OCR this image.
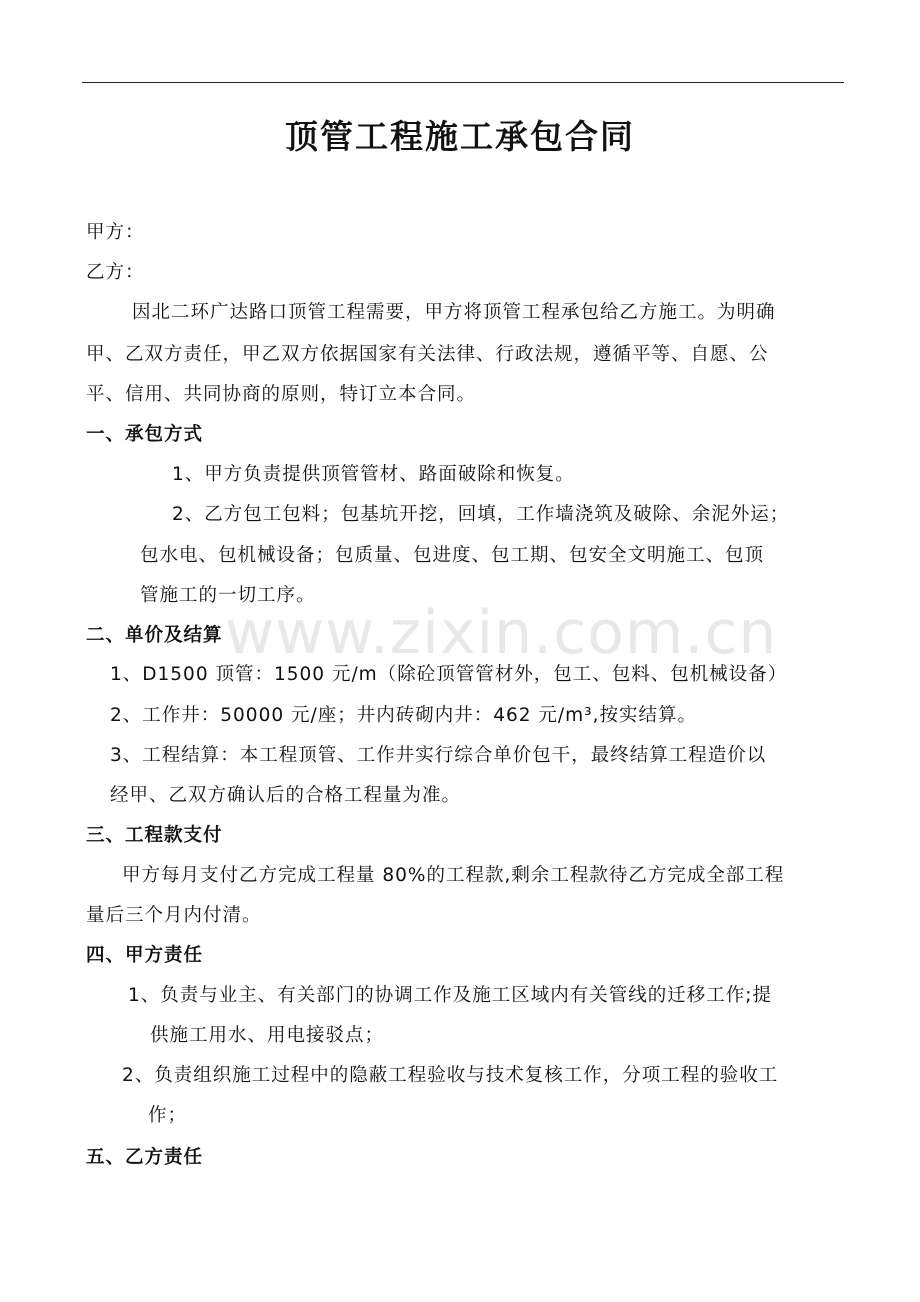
顶管工程施工承包合同
甲方：
乙方：
因北二环广达路口顶管工程需要，甲方将顶管工程承包给乙方施工。为明确
甲、乙双方责任，甲乙双方依据国家有关法律、行政法规，遵循平等、自愿、公
平、信用、共同协商的原则，特订立本合同。
一、承包方式
1、甲方负责提供顶管管材、路面破除和恢复。
2、乙方包工包料；包基坑开挖，回填，工作墙浇筑及破除、余泥外运；
包水电、包机械设备；包质量、包进度、包工期、包安全文明施工、包顶
管施工的一切工序。
二、单价及结算
1、D1500 顶管：1500 元/m（除砼顶管管材外，包工、包料、包机械设备）
2、工作井：50000 元/座；井内砖砌内井：462 元/m³,按实结算。
3、工程结算：本工程顶管、工作井实行综合单价包干，最终结算工程造价以
经甲、乙双方确认后的合格工程量为准。
三、工程款支付
甲方每月支付乙方完成工程量 80%的工程款,剩余工程款待乙方完成全部工程
量后三个月内付清。
四、甲方责任
1、负责与业主、有关部门的协调工作及施工区域内有关管线的迁移工作;提
供施工用水、用电接驳点；
2、负责组织施工过程中的隐蔽工程验收与技术复核工作，分项工程的验收工
作；
五、乙方责任
www.zixin.com.cn
